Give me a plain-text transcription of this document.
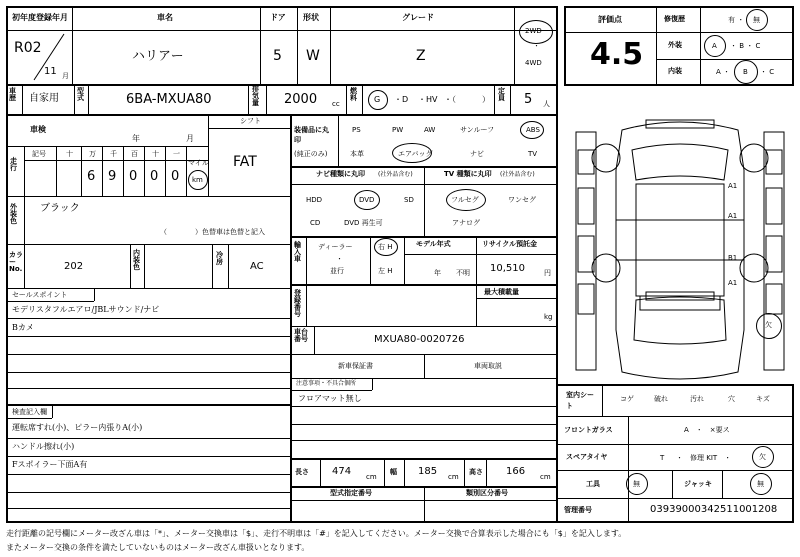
初年度登録年月
R02
11 月
車名
ハリアー
ドア
5
形状
W
グレード
Z
2WD
・
4WD
車歴	自家用
型式	6BA-MXUA80
排気量 2000 cc
燃料	G ・D ・HV ・（	）
定員 5 人
車検
年	月
シフト
FAT
走行
記号	十 万 千 百 十 一
マイル
6 9 0 0 0 km
外装色
ブラック
（　　　　）色替車は色替と記入
カラーNo.	202
内装色
冷房	AC
セールスポイント
モデリスタフルエアロ/JBLサウンド/ナビ
Bカメ
検査記入欄
運転席すれ(小)、ピラー内張りA(小)
ハンドル擦れ(小)
Fスポイラー下面A有
装備品に丸印
(純正のみ)
PS	PW	AW	サンルーフ	ABS
本革	エアバッグ	ナビ	TV
ナビ種類に丸印 (社外品含む)
HDD	DVD	SD
CD	DVD 再生可
TV 種類に丸印 (社外品含む)
フルセグ	ワンセグ
アナログ
輸入車
ディーラー
・
並行
右 H
左 H
モデル年式
年 不明
リサイクル預託金
10,510	円
登録番号
最大積載量
kg
車台番号	MXUA80-0020726
新車保証書	車両取説
注意事項・不具合個所
フロアマット無し
長さ 474 cm
幅 185 cm
高さ 166 cm
型式指定番号	類別区分番号
評価点
4.5
修復歴	有 ・ 無
外装	A ・ B ・ C
内装	A ・ B ・ C
A1
A1
B1
A1
欠
室内シート
コゲ	破れ	汚れ	穴	キズ
フロントガラス	A　・　×要ス
スペアタイヤ	T ・　修理 KIT　・	欠
工具	無	ジャッキ	無
管理番号	03939000342511001208
走行距離の記号欄にメーター改ざん車は「*」、メーター交換車は「$」、走行不明車は「#」を記入してください。メーター交換で合算表示した場合にも「$」を記入します。
またメーター交換の条件を満たしていないものはメーター改ざん車扱いとなります。
